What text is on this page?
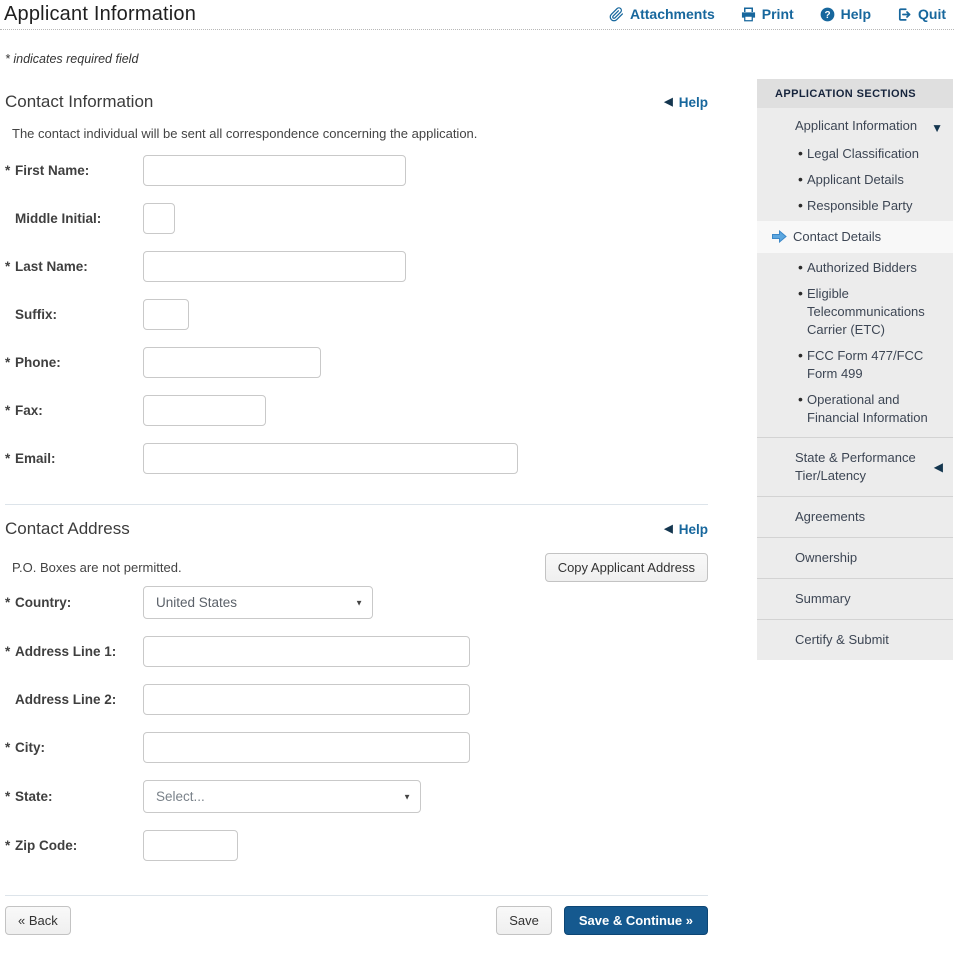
Applicant Information	Attachments	Print ? Help	Quit
* indicates required field
Contact Information	◀ Help
The contact individual will be sent all correspondence concerning the application.
* First Name:
Middle Initial:
* Last Name:
Suffix:
* Phone:
* Fax:
* Email:
Contact Address	◀ Help
P.O. Boxes are not permitted.	Copy Applicant Address
* Country:	United States	▼
* Address Line 1:
Address Line 2:
* City:
* State:	Select...	▼
* Zip Code:
« Back	Save	Save & Continue »
APPLICATION SECTIONS
Applicant Information ▼
• Legal Classification
• Applicant Details
• Responsible Party
Contact Details
• Authorized Bidders
• Eligible Telecommunications Carrier (ETC)
• FCC Form 477/FCC Form 499
• Operational and Financial Information
State & Performance Tier/Latency
◀
Agreements
Ownership
Summary
Certify & Submit
